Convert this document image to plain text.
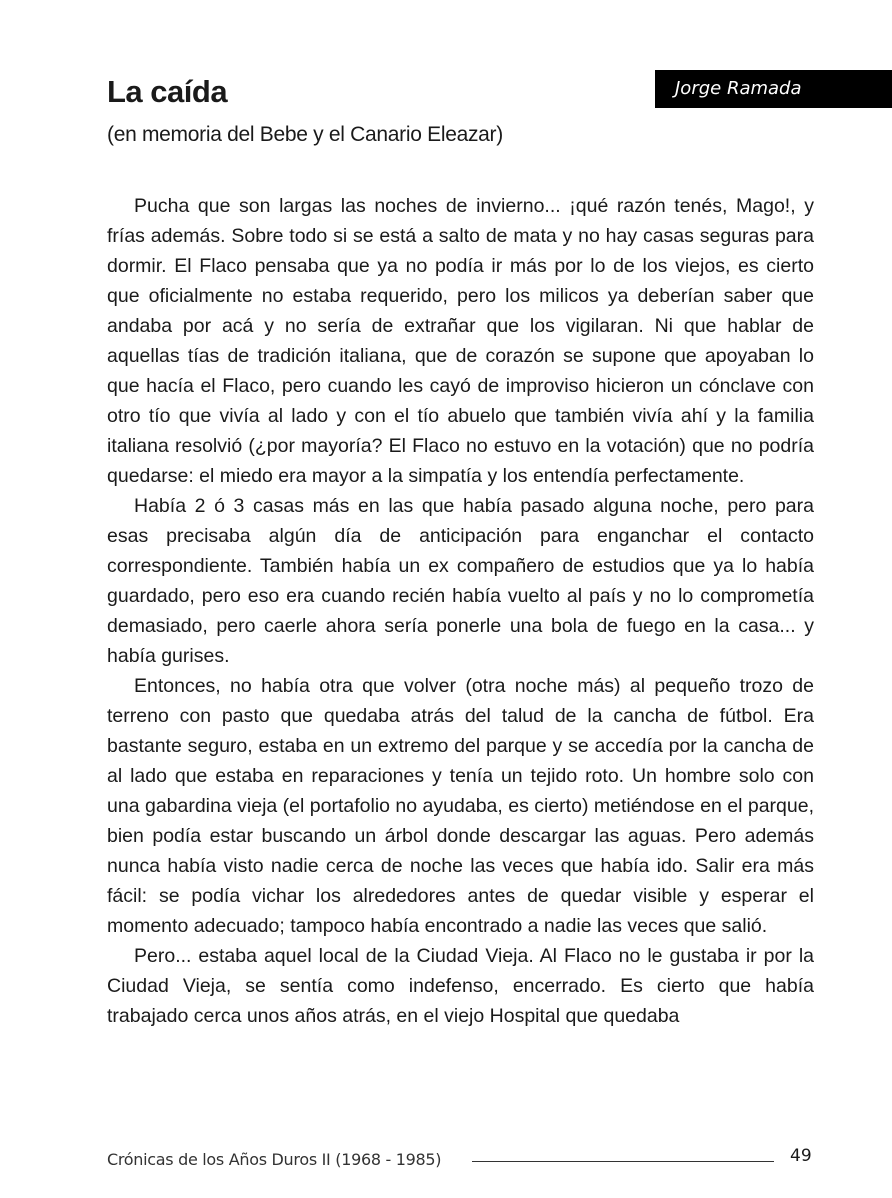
La caída
(en memoria del Bebe y el Canario Eleazar)
Jorge Ramada

Pucha que son largas las noches de invierno... ¡qué razón tenés, Mago!, y frías además. Sobre todo si se está a salto de mata y no hay casas seguras para dormir. El Flaco pensaba que ya no podía ir más por lo de los viejos, es cierto que oficialmente no estaba requerido, pero los milicos ya deberían saber que andaba por acá y no sería de extrañar que los vigilaran. Ni que hablar de aquellas tías de tradición italiana, que de corazón se supone que apoyaban lo que hacía el Flaco, pero cuando les cayó de improviso hicieron un cónclave con otro tío que vivía al lado y con el tío abuelo que también vivía ahí y la familia italiana resolvió (¿por mayoría? El Flaco no estuvo en la votación) que no podría quedarse: el miedo era mayor a la simpatía y los entendía perfectamente.

Había 2 ó 3 casas más en las que había pasado alguna noche, pero para esas precisaba algún día de anticipación para enganchar el contacto correspondiente. También había un ex compañero de estudios que ya lo había guardado, pero eso era cuando recién había vuelto al país y no lo comprometía demasiado, pero caerle ahora sería ponerle una bola de fuego en la casa... y había gurises.

Entonces, no había otra que volver (otra noche más) al pequeño trozo de terreno con pasto que quedaba atrás del talud de la cancha de fútbol. Era bastante seguro, estaba en un extremo del parque y se accedía por la cancha de al lado que estaba en reparaciones y tenía un tejido roto. Un hombre solo con una gabardina vieja (el portafolio no ayudaba, es cierto) metiéndose en el parque, bien podía estar buscando un árbol donde descargar las aguas. Pero además nunca había visto nadie cerca de noche las veces que había ido. Salir era más fácil: se podía vichar los alrededores antes de quedar visible y esperar el momento adecuado; tampoco había encontrado a nadie las veces que salió.

Pero... estaba aquel local de la Ciudad Vieja. Al Flaco no le gustaba ir por la Ciudad Vieja, se sentía como indefenso, encerrado. Es cierto que había trabajado cerca unos años atrás, en el viejo Hospital que quedaba

Crónicas de los Años Duros II (1968 - 1985)	49
